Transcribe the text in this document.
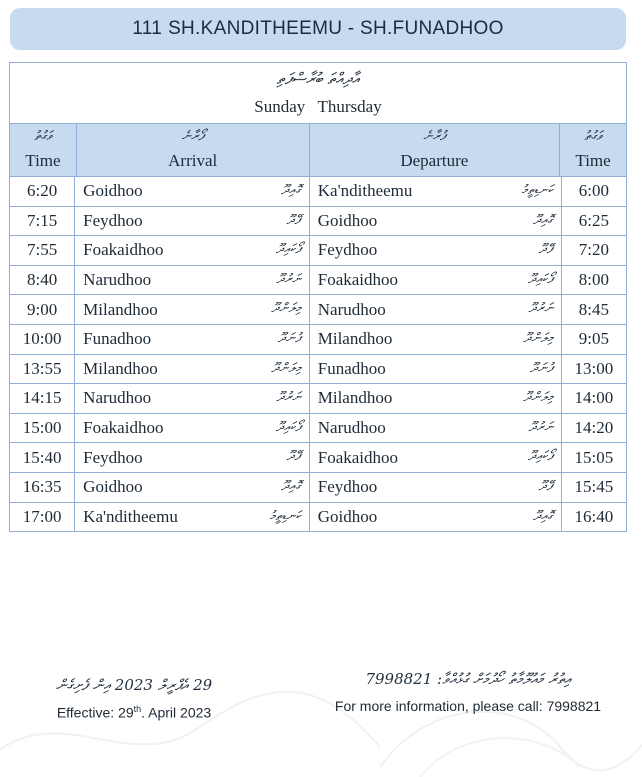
111 SH.KANDITHEEMU - SH.FUNADHOO
އާދިއްތަ ބުރާސްފަތި
Sunday Thursday
ވަގުތު
Time
ފޯރާނެ
Arrival
ފުރާނެ
Departure
ވަގުތު
Time
6:20	Goidhoo	ގޮއިދޫ Ka'nditheemu	ކަނޑިތީމު	6:00
7:15	Feydhoo	ފޭދޫ Goidhoo	ގޮއިދޫ	6:25
7:55	Foakaidhoo	ފޯކައިދޫ Feydhoo	ފޭދޫ	7:20
8:40	Narudhoo	ނަރުދޫ Foakaidhoo	ފޯކައިދޫ	8:00
9:00	Milandhoo	މިލަންދޫ Narudhoo	ނަރުދޫ	8:45
10:00	Funadhoo	ފުނަދޫ Milandhoo	މިލަންދޫ	9:05
13:55	Milandhoo	މިލަންދޫ Funadhoo	ފުނަދޫ	13:00
14:15	Narudhoo	ނަރުދޫ Milandhoo	މިލަންދޫ	14:00
15:00	Foakaidhoo	ފޯކައިދޫ Narudhoo	ނަރުދޫ	14:20
15:40	Feydhoo	ފޭދޫ Foakaidhoo	ފޯކައިދޫ	15:05
16:35	Goidhoo	ގޮއިދޫ Feydhoo	ފޭދޫ	15:45
17:00	Ka'nditheemu	ކަނޑިތީމު Goidhoo	ގޮއިދޫ	16:40
29 އެޕްރީލް 2023 އިން ފެށިގެން
Effective: 29th. April 2023
އިތުރު މައުލޫމާތު ހޯދުމަށް ގުޅުއްވާ: 7998821
For more information, please call: 7998821
